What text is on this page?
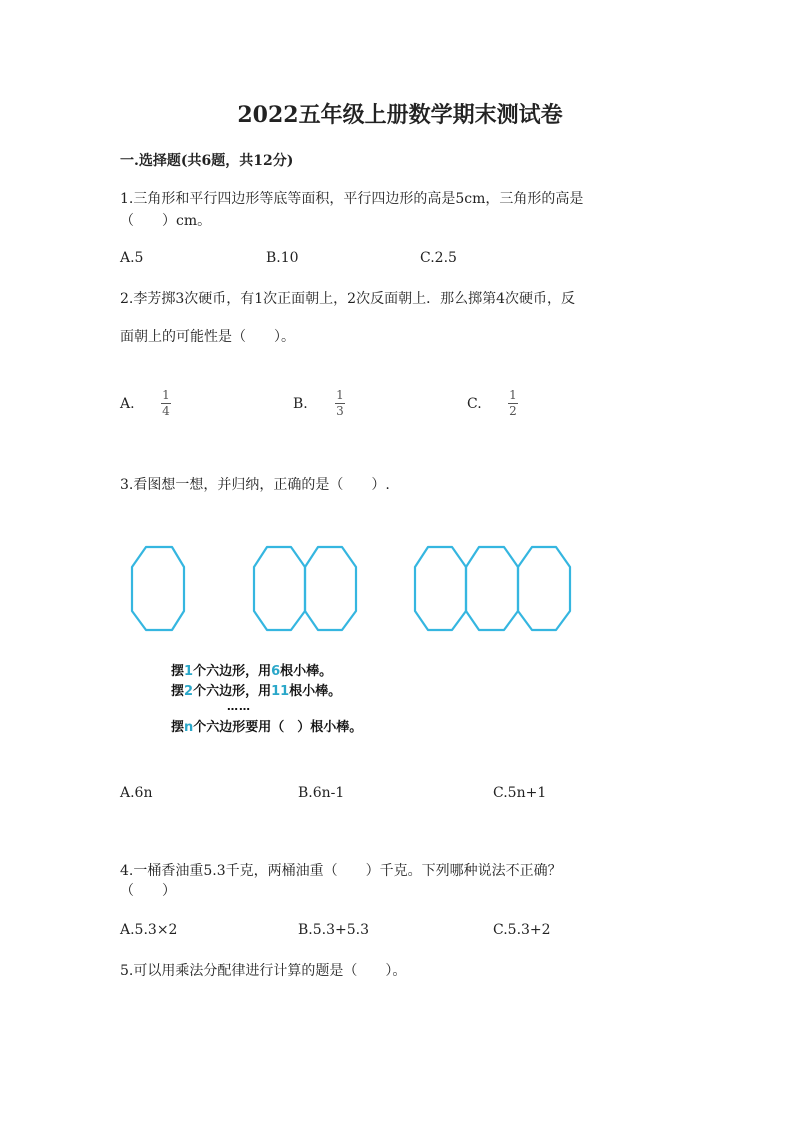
2022五年级上册数学期末测试卷
一.选择题(共6题，共12分)
1.三角形和平行四边形等底等面积，平行四边形的高是5cm，三角形的高是
（　　）cm。
A.5	B.10	C.2.5
2.李芳掷3次硬币，有1次正面朝上，2次反面朝上．那么掷第4次硬币，反
面朝上的可能性是（　　）。
A.
1
4	B.
1
3	C.
1
2
3.看图想一想，并归纳，正确的是（　　）.
摆1个六边形，用6根小棒。
摆2个六边形，用11根小棒。
……
摆n个六边形要用（　）根小棒。
A.6n	B.6n-1	C.5n+1
4.一桶香油重5.3千克，两桶油重（　　）千克。下列哪种说法不正确？
（　　）
A.5.3×2	B.5.3+5.3	C.5.3+2
5.可以用乘法分配律进行计算的题是（　　）。
